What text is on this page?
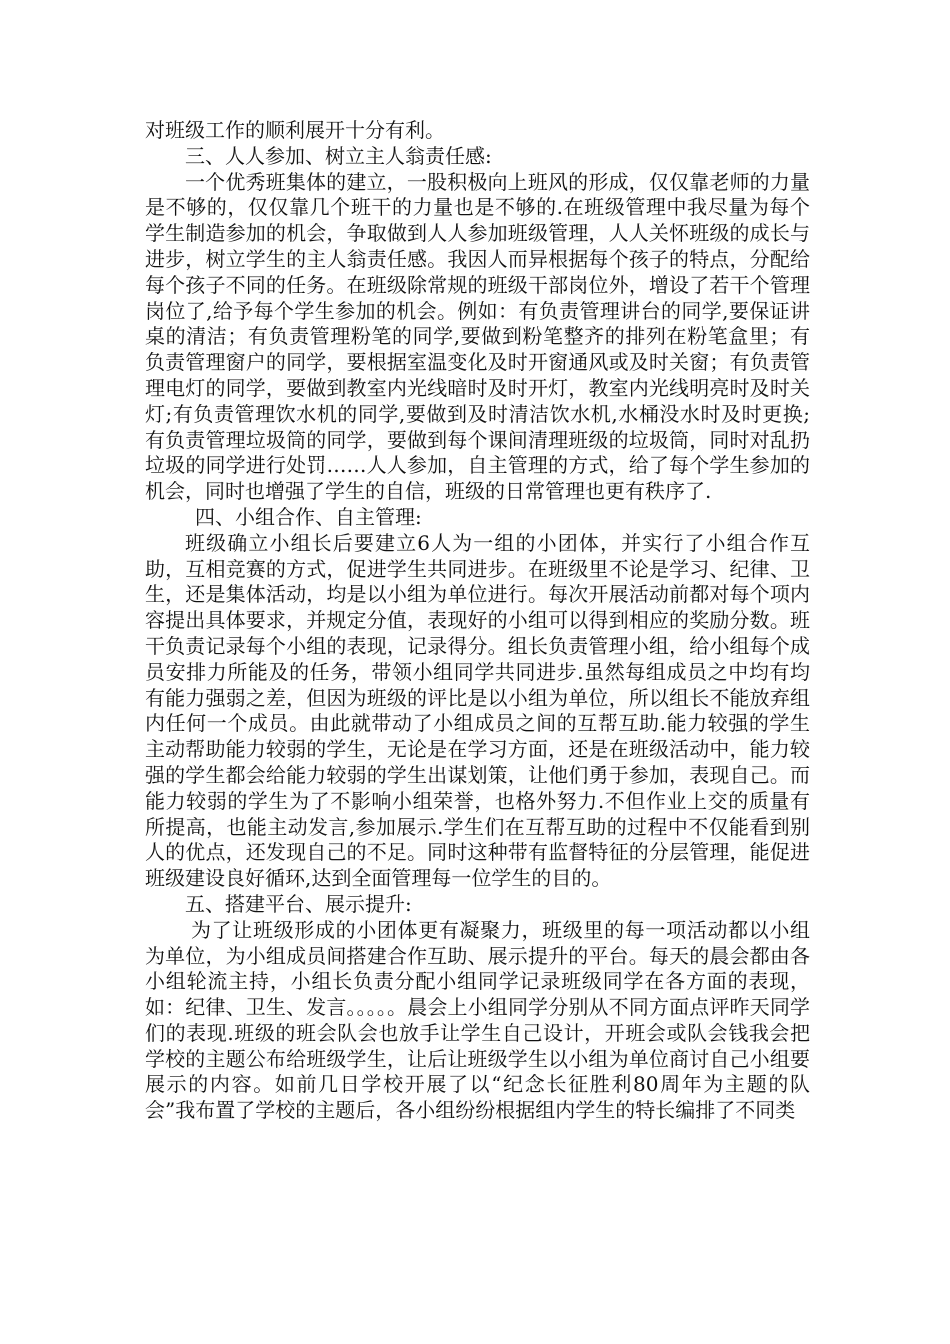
对班级工作的顺利展开十分有利。

三、人人参加、树立主人翁责任感:

一个优秀班集体的建立，一股积极向上班风的形成，仅仅靠老师的力量是不够的，仅仅靠几个班干的力量也是不够的.在班级管理中我尽量为每个学生制造参加的机会，争取做到人人参加班级管理，人人关怀班级的成长与进步，树立学生的主人翁责任感。我因人而异根据每个孩子的特点，分配给每个孩子不同的任务。在班级除常规的班级干部岗位外，增设了若干个管理岗位了,给予每个学生参加的机会。例如：有负责管理讲台的同学,要保证讲桌的清洁；有负责管理粉笔的同学,要做到粉笔整齐的排列在粉笔盒里；有负责管理窗户的同学，要根据室温变化及时开窗通风或及时关窗；有负责管理电灯的同学，要做到教室内光线暗时及时开灯，教室内光线明亮时及时关灯;有负责管理饮水机的同学,要做到及时清洁饮水机,水桶没水时及时更换;有负责管理垃圾筒的同学，要做到每个课间清理班级的垃圾筒，同时对乱扔垃圾的同学进行处罚……人人参加，自主管理的方式，给了每个学生参加的机会，同时也增强了学生的自信，班级的日常管理也更有秩序了.

四、小组合作、自主管理:

班级确立小组长后要建立6人为一组的小团体，并实行了小组合作互助，互相竞赛的方式，促进学生共同进步。在班级里不论是学习、纪律、卫生，还是集体活动，均是以小组为单位进行。每次开展活动前都对每个项内容提出具体要求，并规定分值，表现好的小组可以得到相应的奖励分数。班干负责记录每个小组的表现，记录得分。组长负责管理小组，给小组每个成员安排力所能及的任务，带领小组同学共同进步.虽然每组成员之中均有均有能力强弱之差，但因为班级的评比是以小组为单位，所以组长不能放弃组内任何一个成员。由此就带动了小组成员之间的互帮互助.能力较强的学生主动帮助能力较弱的学生，无论是在学习方面，还是在班级活动中，能力较强的学生都会给能力较弱的学生出谋划策，让他们勇于参加，表现自己。而能力较弱的学生为了不影响小组荣誉，也格外努力.不但作业上交的质量有所提高，也能主动发言,参加展示.学生们在互帮互助的过程中不仅能看到别人的优点，还发现自己的不足。同时这种带有监督特征的分层管理，能促进班级建设良好循环,达到全面管理每一位学生的目的。

五、搭建平台、展示提升:

为了让班级形成的小团体更有凝聚力，班级里的每一项活动都以小组为单位，为小组成员间搭建合作互助、展示提升的平台。每天的晨会都由各小组轮流主持，小组长负责分配小组同学记录班级同学在各方面的表现，如：纪律、卫生、发言。。。。。晨会上小组同学分别从不同方面点评昨天同学们的表现.班级的班会队会也放手让学生自己设计，开班会或队会钱我会把学校的主题公布给班级学生，让后让班级学生以小组为单位商讨自己小组要展示的内容。如前几日学校开展了以“纪念长征胜利80周年为主题的队会”我布置了学校的主题后，各小组纷纷根据组内学生的特长编排了不同类
